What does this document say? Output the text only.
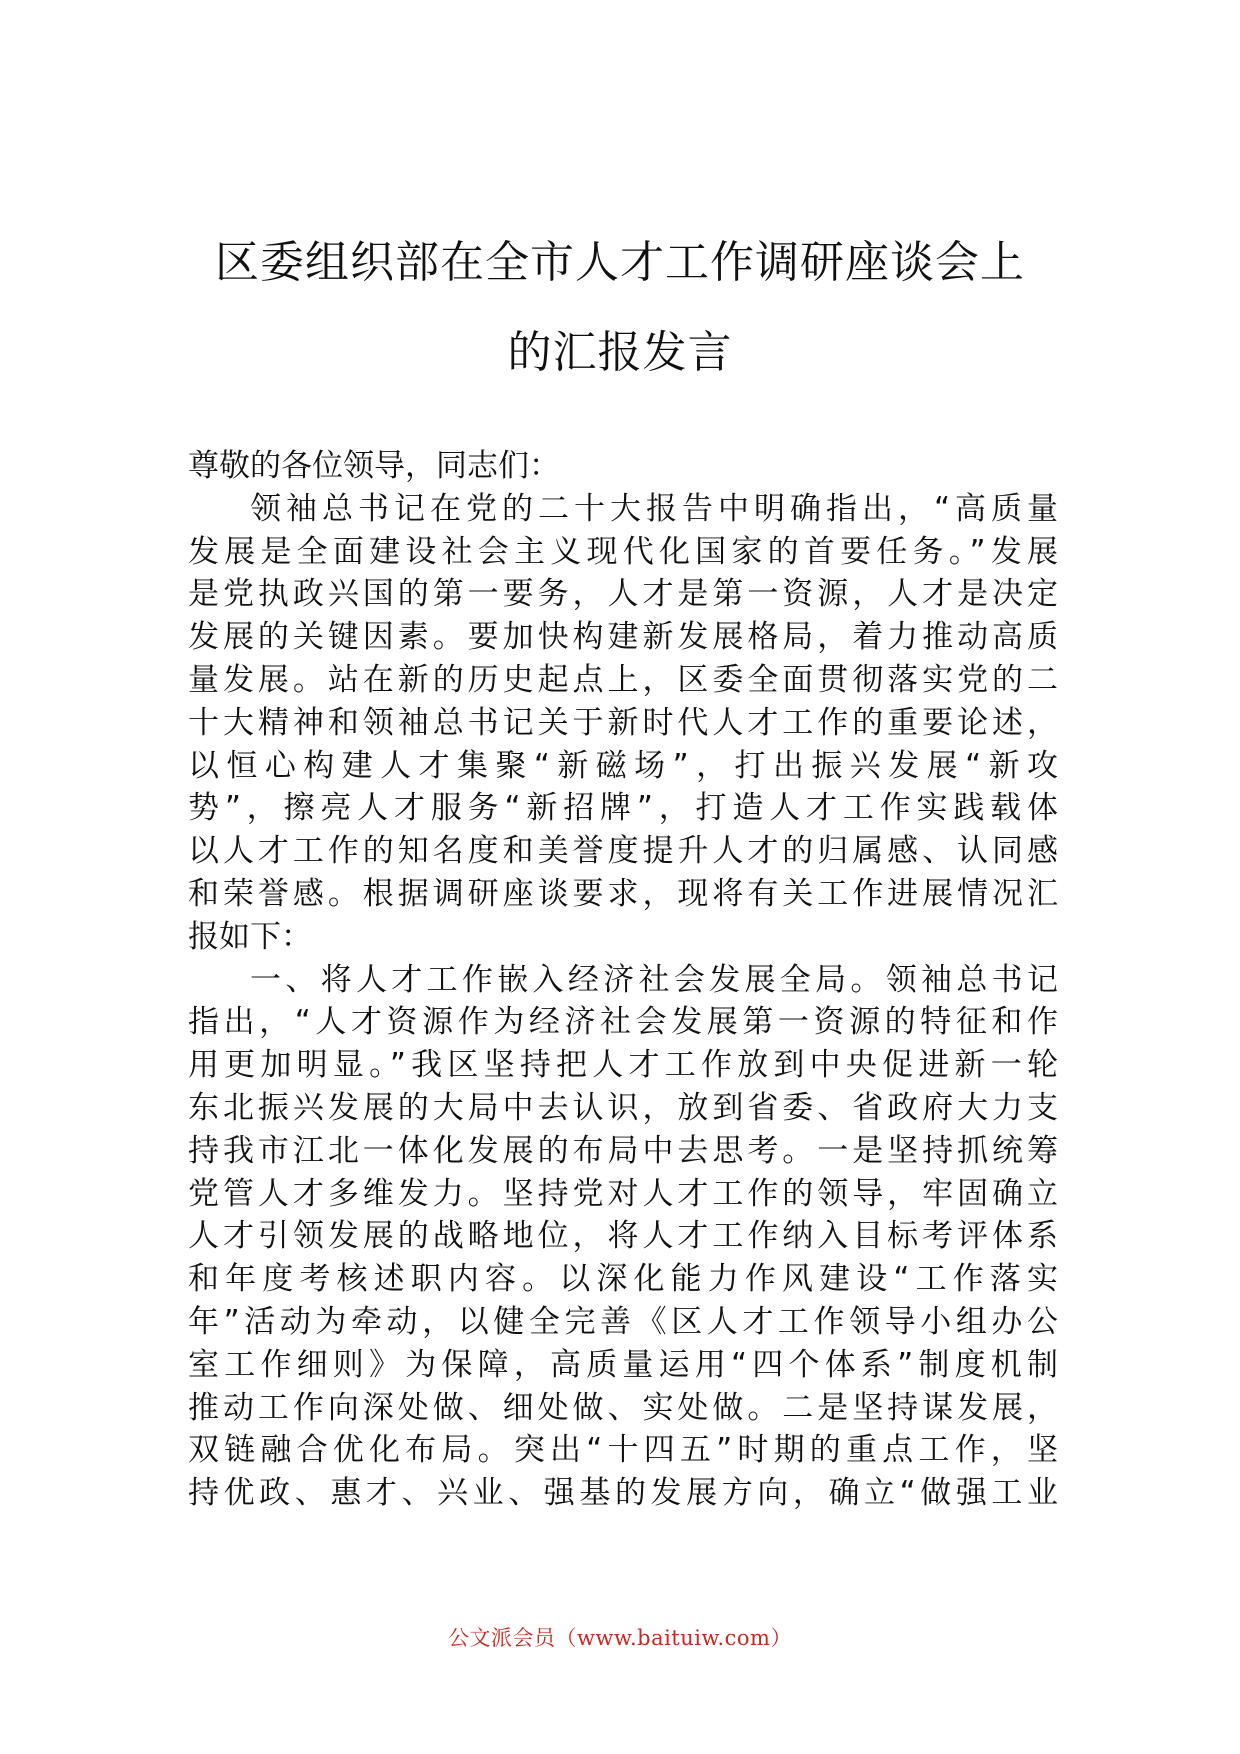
区委组织部在全市人才工作调研座谈会上
的汇报发言
尊敬的各位领导，同志们：
领袖总书记在党的二十大报告中明确指出，“高质量
发展是全面建设社会主义现代化国家的首要任务。”发展
是党执政兴国的第一要务，人才是第一资源，人才是决定
发展的关键因素。要加快构建新发展格局，着力推动高质
量发展。站在新的历史起点上，区委全面贯彻落实党的二
十大精神和领袖总书记关于新时代人才工作的重要论述，
以恒心构建人才集聚“新磁场”，打出振兴发展“新攻
势”，擦亮人才服务“新招牌”，打造人才工作实践载体
以人才工作的知名度和美誉度提升人才的归属感、认同感
和荣誉感。根据调研座谈要求，现将有关工作进展情况汇
报如下：
一、将人才工作嵌入经济社会发展全局。领袖总书记
指出，“人才资源作为经济社会发展第一资源的特征和作
用更加明显。”我区坚持把人才工作放到中央促进新一轮
东北振兴发展的大局中去认识，放到省委、省政府大力支
持我市江北一体化发展的布局中去思考。一是坚持抓统筹
党管人才多维发力。坚持党对人才工作的领导，牢固确立
人才引领发展的战略地位，将人才工作纳入目标考评体系
和年度考核述职内容。以深化能力作风建设“工作落实
年”活动为牵动，以健全完善《区人才工作领导小组办公
室工作细则》为保障，高质量运用“四个体系”制度机制
推动工作向深处做、细处做、实处做。二是坚持谋发展，
双链融合优化布局。突出“十四五”时期的重点工作，坚
持优政、惠才、兴业、强基的发展方向，确立“做强工业
公文派会员（www.baituiw.com）
